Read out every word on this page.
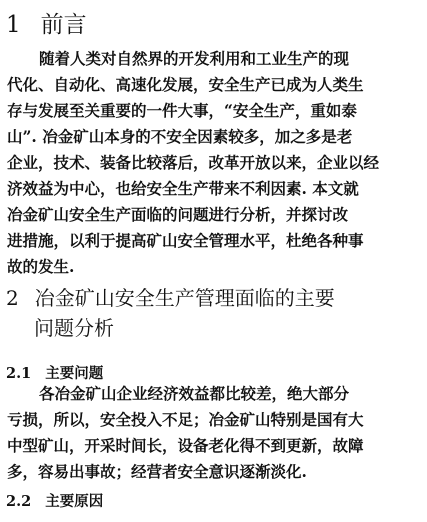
1 前言
随着人类对自然界的开发利用和工业生产的现
代化、自动化、高速化发展，安全生产已成为人类生
存与发展至关重要的一件大事，“安全生产，重如泰
山”. 冶金矿山本身的不安全因素较多，加之多是老
企业，技术、装备比较落后，改革开放以来，企业以经
济效益为中心，也给安全生产带来不利因素. 本文就
冶金矿山安全生产面临的问题进行分析，并探讨改
进措施，以利于提高矿山安全管理水平，杜绝各种事
故的发生.
2 冶金矿山安全生产管理面临的主要
问题分析
2.1 主要问题
各冶金矿山企业经济效益都比较差，绝大部分
亏损，所以，安全投入不足；冶金矿山特别是国有大
中型矿山，开采时间长，设备老化得不到更新，故障
多，容易出事故；经营者安全意识逐渐淡化.
2.2 主要原因
